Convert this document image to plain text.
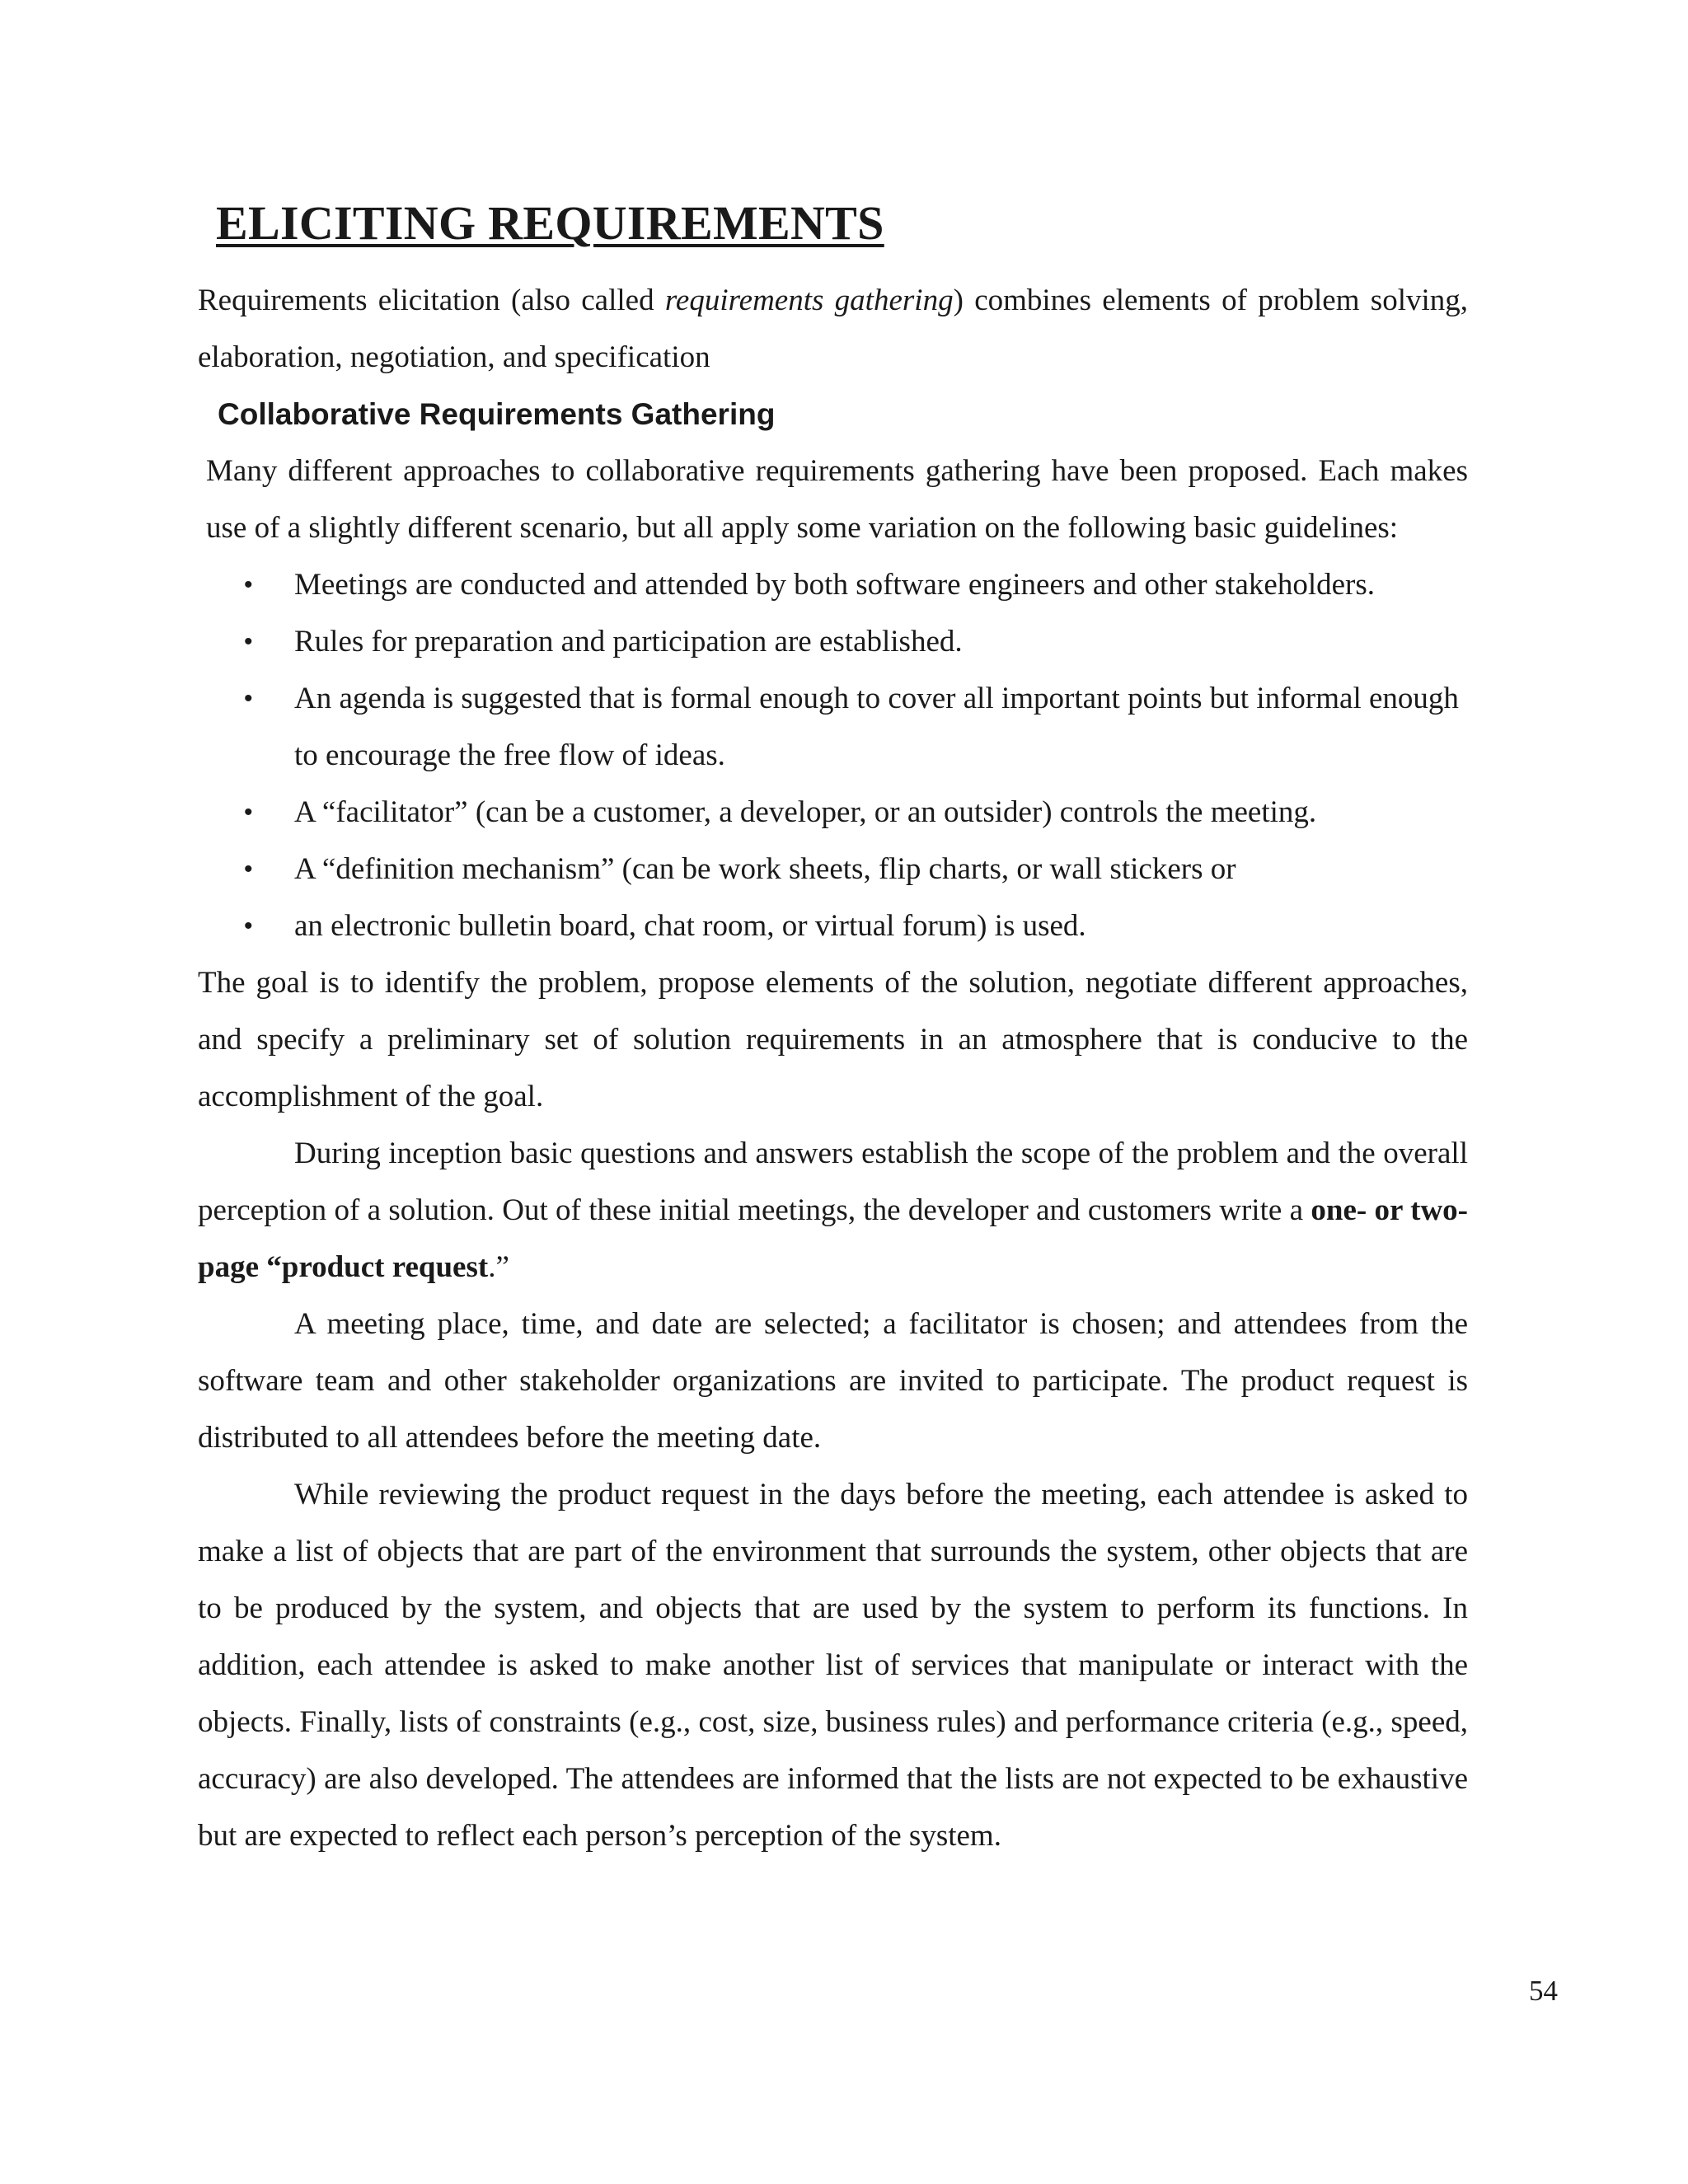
ELICITING REQUIREMENTS

Requirements elicitation (also called requirements gathering) combines elements of problem solving, elaboration, negotiation, and specification

Collaborative Requirements Gathering

Many different approaches to collaborative requirements gathering have been proposed. Each makes use of a slightly different scenario, but all apply some variation on the following basic guidelines:

• Meetings are conducted and attended by both software engineers and other stakeholders.
• Rules for preparation and participation are established.
• An agenda is suggested that is formal enough to cover all important points but informal enough to encourage the free flow of ideas.
• A “facilitator” (can be a customer, a developer, or an outsider) controls the meeting.
• A “definition mechanism” (can be work sheets, flip charts, or wall stickers or
• an electronic bulletin board, chat room, or virtual forum) is used.

The goal is to identify the problem, propose elements of the solution, negotiate different approaches, and specify a preliminary set of solution requirements in an atmosphere that is conducive to the accomplishment of the goal.

During inception basic questions and answers establish the scope of the problem and the overall perception of a solution. Out of these initial meetings, the developer and customers write a one- or two-page “product request.”

A meeting place, time, and date are selected; a facilitator is chosen; and attendees from the software team and other stakeholder organizations are invited to participate. The product request is distributed to all attendees before the meeting date.

While reviewing the product request in the days before the meeting, each attendee is asked to make a list of objects that are part of the environment that surrounds the system, other objects that are to be produced by the system, and objects that are used by the system to perform its functions. In addition, each attendee is asked to make another list of services that manipulate or interact with the objects. Finally, lists of constraints (e.g., cost, size, business rules) and performance criteria (e.g., speed, accuracy) are also developed. The attendees are informed that the lists are not expected to be exhaustive but are expected to reflect each person’s perception of the system.

54
